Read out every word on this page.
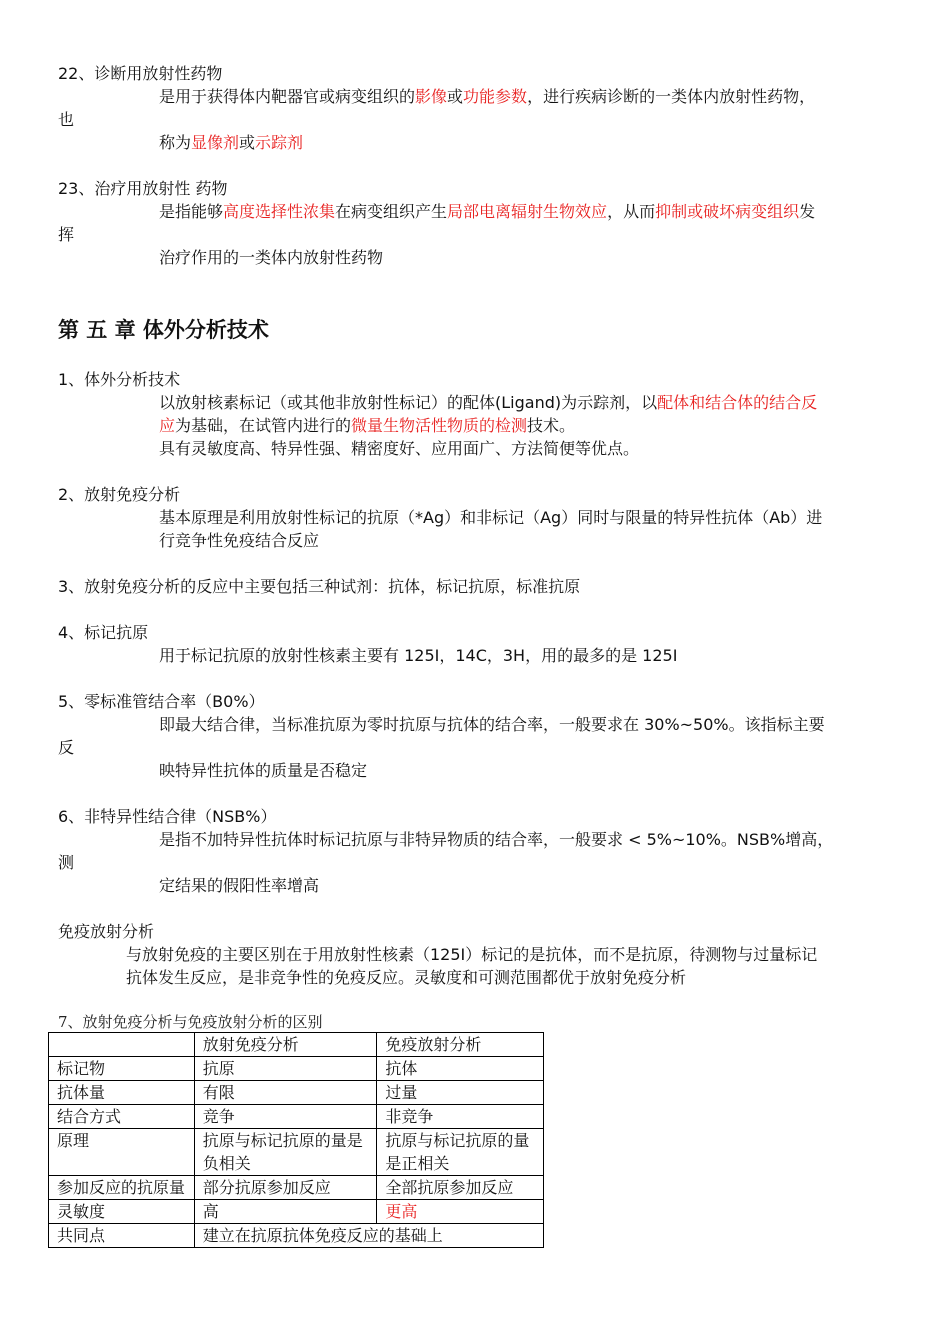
22、诊断用放射性药物
是用于获得体内靶器官或病变组织的影像或功能参数，进行疾病诊断的一类体内放射性药物，
也
称为显像剂或示踪剂
23、治疗用放射性 药物
是指能够高度选择性浓集在病变组织产生局部电离辐射生物效应，从而抑制或破坏病变组织发
挥
治疗作用的一类体内放射性药物
第 五 章 体外分析技术
1、体外分析技术
以放射核素标记（或其他非放射性标记）的配体(Ligand)为示踪剂，以配体和结合体的结合反
应为基础，在试管内进行的微量生物活性物质的检测技术。
具有灵敏度高、特异性强、精密度好、应用面广、方法简便等优点。
2、放射免疫分析
基本原理是利用放射性标记的抗原（*Ag）和非标记（Ag）同时与限量的特异性抗体（Ab）进
行竞争性免疫结合反应
3、放射免疫分析的反应中主要包括三种试剂：抗体，标记抗原，标准抗原
4、标记抗原
用于标记抗原的放射性核素主要有 125I，14C，3H，用的最多的是 125I
5、零标准管结合率（B0%）
即最大结合律，当标准抗原为零时抗原与抗体的结合率，一般要求在 30%~50%。该指标主要
反
映特异性抗体的质量是否稳定
6、非特异性结合律（NSB%）
是指不加特异性抗体时标记抗原与非特异物质的结合率，一般要求 < 5%~10%。NSB%增高，
测
定结果的假阳性率增高
免疫放射分析
与放射免疫的主要区别在于用放射性核素（125I）标记的是抗体，而不是抗原，待测物与过量标记
抗体发生反应，是非竞争性的免疫反应。灵敏度和可测范围都优于放射免疫分析
7、放射免疫分析与免疫放射分析的区别
	放射免疫分析	免疫放射分析
标记物	抗原	抗体
抗体量	有限	过量
结合方式	竞争	非竞争
原理	抗原与标记抗原的量是负相关	抗原与标记抗原的量是正相关
参加反应的抗原量	部分抗原参加反应	全部抗原参加反应
灵敏度	高	更高
共同点	建立在抗原抗体免疫反应的基础上	
